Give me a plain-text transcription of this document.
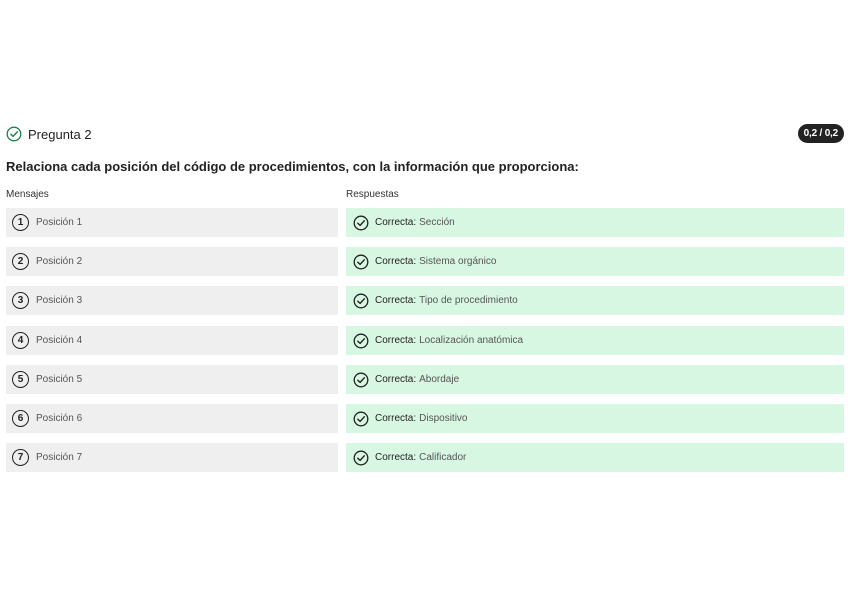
Pregunta 2	0,2 / 0,2
Relaciona cada posición del código de procedimientos, con la información que proporciona:
Mensajes	Respuestas
1	Posición 1	Correcta: Sección
2	Posición 2	Correcta: Sistema orgánico
3	Posición 3	Correcta: Tipo de procedimiento
4	Posición 4	Correcta: Localización anatómica
5	Posición 5	Correcta: Abordaje
6	Posición 6	Correcta: Dispositivo
7	Posición 7	Correcta: Calificador
